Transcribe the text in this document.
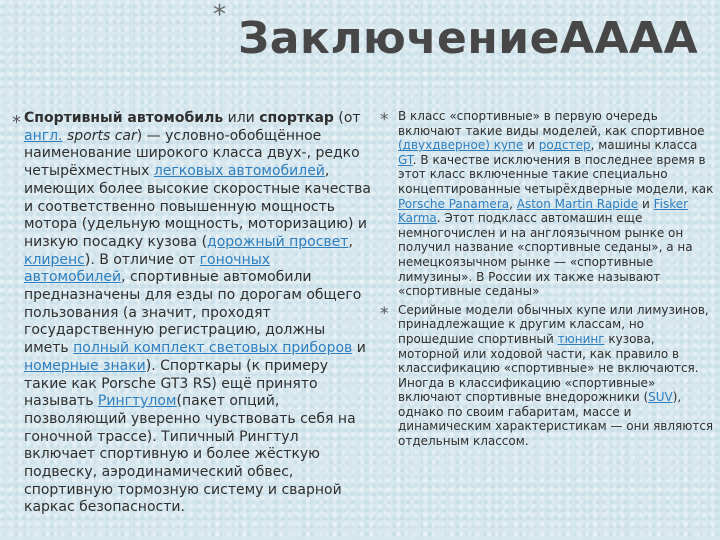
* ЗаключениеАААА
* Спортивный автомобиль или спорткар (от англ. sports car) — условно-обобщённое наименование широкого класса двух-, редко четырёхместных легковых автомобилей, имеющих более высокие скоростные качества и соответственно повышенную мощность мотора (удельную мощность, моторизацию) и низкую посадку кузова (дорожный просвет, клиренс). В отличие от гоночных автомобилей, спортивные автомобили предназначены для езды по дорогам общего пользования (а значит, проходят государственную регистрацию, должны иметь полный комплект световых приборов и номерные знаки). Спорткары (к примеру такие как Porsche GT3 RS) ещё принято называть Рингтулом(пакет опций, позволяющий уверенно чувствовать себя на гоночной трассе). Типичный Рингтул включает спортивную и более жёсткую подвеску, аэродинамический обвес, спортивную тормозную систему и сварной каркас безопасности.
* В класс «спортивные» в первую очередь включают такие виды моделей, как спортивное (двухдверное) купе и родстер, машины класса GT. В качестве исключения в последнее время в этот класс включенные такие специально концептированные четырёхдверные модели, как Porsche Panamera, Aston Martin Rapide и Fisker Karma. Этот подкласс автомашин еще немногочислен и на англоязычном рынке он получил название «спортивные седаны», а на немецкоязычном рынке — «спортивные лимузины». В России их также называют «спортивные седаны»
* Серийные модели обычных купе или лимузинов, принадлежащие к другим классам, но прошедшие спортивный тюнинг кузова, моторной или ходовой части, как правило в классификацию «спортивные» не включаются. Иногда в классификацию «спортивные» включают спортивные внедорожники (SUV), однако по своим габаритам, массе и динамическим характеристикам — они являются отдельным классом.
